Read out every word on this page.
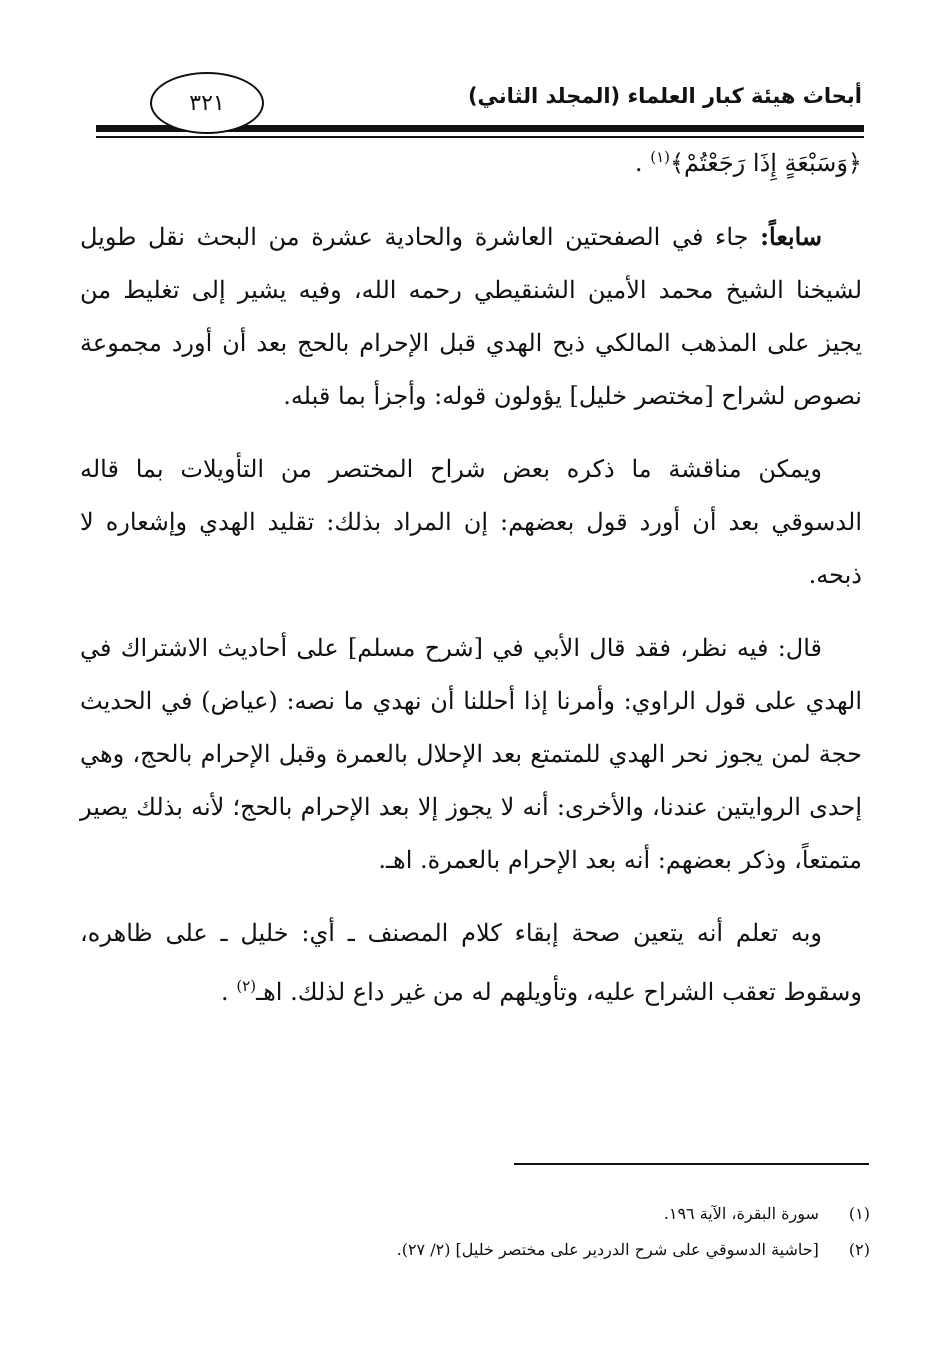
أبحاث هيئة كبار العلماء (المجلد الثاني)
٣٢١
﴿وَسَبْعَةٍ إِذَا رَجَعْتُمْ﴾$^{(١)}$ .

سابعاً: جاء في الصفحتين العاشرة والحادية عشرة من البحث نقل طويل لشيخنا الشيخ محمد الأمين الشنقيطي رحمه الله، وفيه يشير إلى تغليط من يجيز على المذهب المالكي ذبح الهدي قبل الإحرام بالحج بعد أن أورد مجموعة نصوص لشراح [مختصر خليل] يؤولون قوله: وأجزأ بما قبله.

ويمكن مناقشة ما ذكره بعض شراح المختصر من التأويلات بما قاله الدسوقي بعد أن أورد قول بعضهم: إن المراد بذلك: تقليد الهدي وإشعاره لا ذبحه.

قال: فيه نظر، فقد قال الأبي في [شرح مسلم] على أحاديث الاشتراك في الهدي على قول الراوي: وأمرنا إذا أحللنا أن نهدي ما نصه: (عياض) في الحديث حجة لمن يجوز نحر الهدي للمتمتع بعد الإحلال بالعمرة وقبل الإحرام بالحج، وهي إحدى الروايتين عندنا، والأخرى: أنه لا يجوز إلا بعد الإحرام بالحج؛ لأنه بذلك يصير متمتعاً، وذكر بعضهم: أنه بعد الإحرام بالعمرة. اهـ.

وبه تعلم أنه يتعين صحة إبقاء كلام المصنف ـ أي: خليل ـ على ظاهره، وسقوط تعقب الشراح عليه، وتأويلهم له من غير داع لذلك. اهـ$^{(٢)}$ .

(١) سورة البقرة، الآية ١٩٦.
(٢) [حاشية الدسوقي على شرح الدردير على مختصر خليل] (٢/ ٢٧).
